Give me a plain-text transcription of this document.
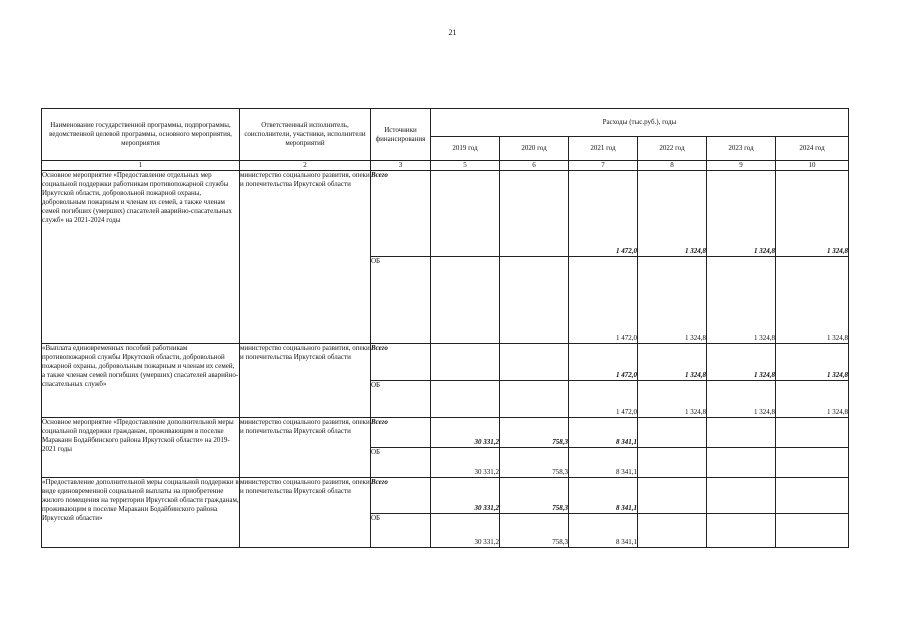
21
Наименование государственной программы, подпрограммы, ведомственной целевой программы, основного мероприятия, мероприятия	Ответственный исполнитель, соисполнители, участники, исполнители мероприятий	Источники финансирования	Расходы (тыс.руб.), годы					
			2019 год	2020 год	2021 год	2022 год	2023 год	2024 год
1	2	3	5	6	7	8	9	10
Основное мероприятие «Предоставление отдельных мер социальной поддержки работникам противопожарной службы Иркутской области, добровольной пожарной охраны, добровольным пожарным и членам их семей, а также членам семей погибших (умерших) спасателей аварийно-спасательных служб» на 2021-2024 годы	министерство социального развития, опеки и попечительства Иркутской области	Всего			1 472,0	1 324,8	1 324,8	1 324,8
		ОБ			1 472,0	1 324,8	1 324,8	1 324,8
«Выплата единовременных пособий работникам противопожарной службы Иркутской области, добровольной пожарной охраны, добровольным пожарным и членам их семей, а также членам семей погибших (умерших) спасателей аварийно-спасательных служб»	министерство социального развития, опеки и попечительства Иркутской области	Всего			1 472,0	1 324,8	1 324,8	1 324,8
		ОБ			1 472,0	1 324,8	1 324,8	1 324,8
Основное мероприятие «Предоставление дополнительной меры социальной поддержки гражданам, проживающим в поселке Мараканн Бодайбинского района Иркутской области» на 2019-2021 годы	министерство социального развития, опеки и попечительства Иркутской области	Всего	30 331,2	758,3	8 341,1			
		ОБ	30 331,2	758,3	8 341,1			
«Предоставление дополнительной меры социальной поддержки в виде единовременной социальной выплаты на приобретение жилого помещения на территории Иркутской области гражданам, проживающим в поселке Мараканн Бодайбинского района Иркутской области»	министерство социального развития, опеки и попечительства Иркутской области	Всего	30 331,2	758,3	8 341,1			
		ОБ	30 331,2	758,3	8 341,1			
